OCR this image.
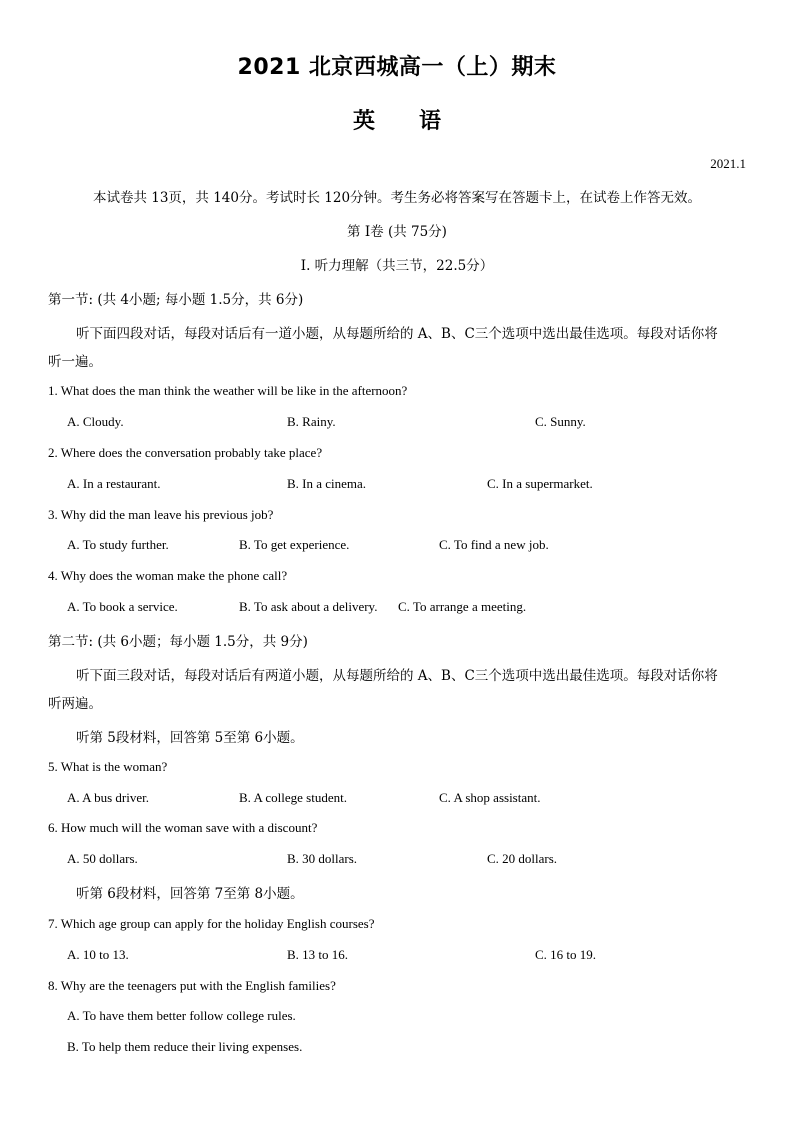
2021 北京西城高一（上）期末
英 语
2021.1
本试卷共 13页，共 140分。考试时长 120分钟。考生务必将答案写在答题卡上，在试卷上作答无效。
第 I卷 (共 75分)
I. 听力理解（共三节，22.5分）
第一节: (共 4小题; 每小题 1.5分，共 6分)
听下面四段对话，每段对话后有一道小题，从每题所给的 A、B、C三个选项中选出最佳选项。每段对话你将
听一遍。
1. What does the man think the weather will be like in the afternoon?
A. Cloudy.	B. Rainy.	C. Sunny.
2. Where does the conversation probably take place?
A. In a restaurant.	B. In a cinema.	C. In a supermarket.
3. Why did the man leave his previous job?
A. To study further.	B. To get experience.	C. To find a new job.
4. Why does the woman make the phone call?
A. To book a service.	B. To ask about a delivery. C. To arrange a meeting.
第二节: (共 6小题；每小题 1.5分，共 9分)
听下面三段对话，每段对话后有两道小题，从每题所给的 A、B、C三个选项中选出最佳选项。每段对话你将
听两遍。
听第 5段材料，回答第 5至第 6小题。
5. What is the woman?
A. A bus driver.	B. A college student.	C. A shop assistant.
6. How much will the woman save with a discount?
A. 50 dollars.	B. 30 dollars.	C. 20 dollars.
听第 6段材料，回答第 7至第 8小题。
7. Which age group can apply for the holiday English courses?
A. 10 to 13.	B. 13 to 16.	C. 16 to 19.
8. Why are the teenagers put with the English families?
A. To have them better follow college rules.
B. To help them reduce their living expenses.
